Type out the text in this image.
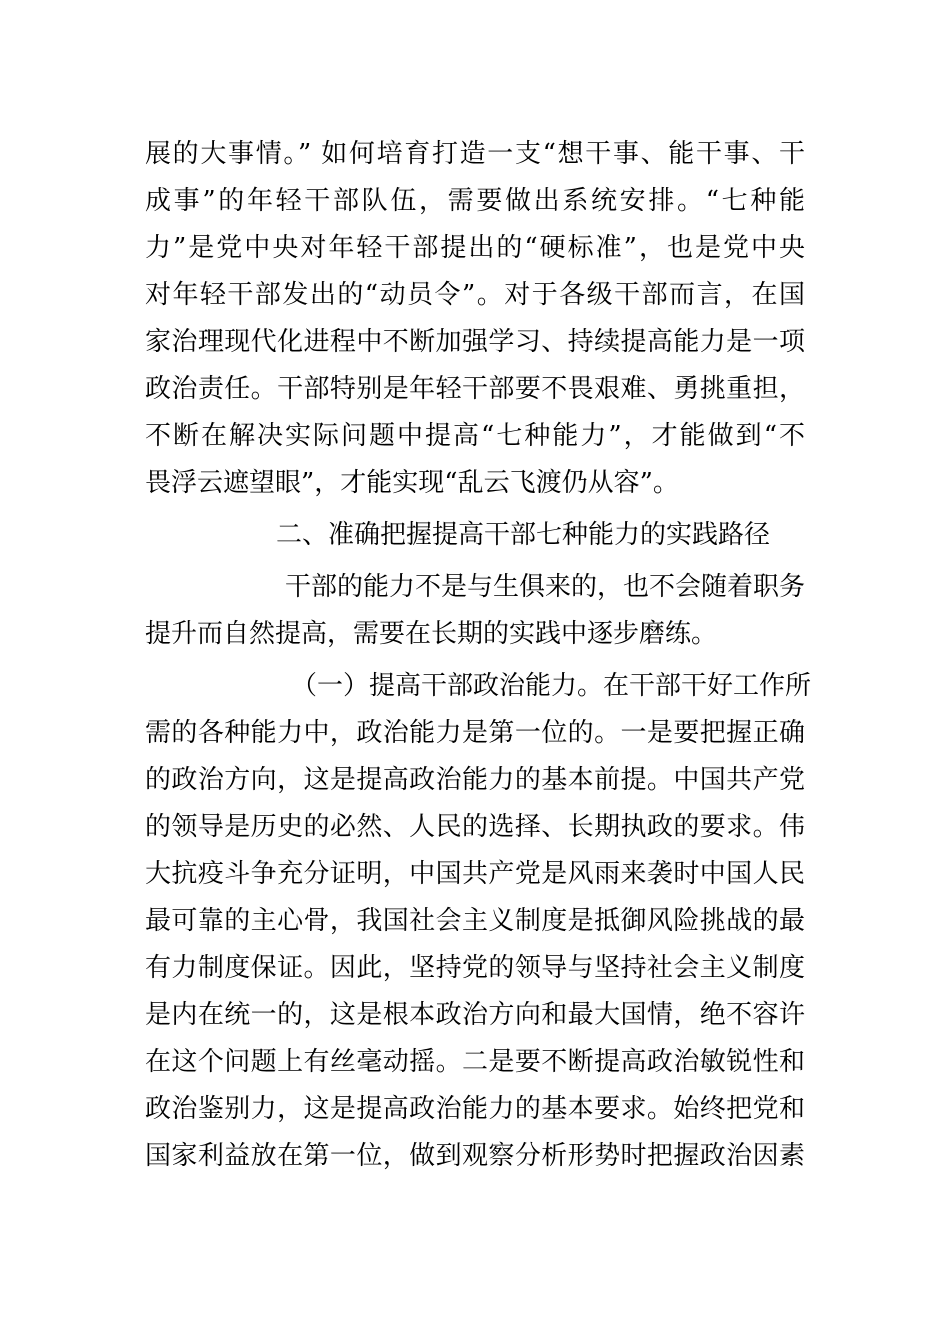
展的大事情。” 如何培育打造一支“想干事、能干事、干
成事”的年轻干部队伍，需要做出系统安排。“七种能
力”是党中央对年轻干部提出的“硬标准”，也是党中央
对年轻干部发出的“动员令”。对于各级干部而言，在国
家治理现代化进程中不断加强学习、持续提高能力是一项
政治责任。干部特别是年轻干部要不畏艰难、勇挑重担，
不断在解决实际问题中提高“七种能力”，才能做到“不
畏浮云遮望眼”，才能实现“乱云飞渡仍从容”。
二、准确把握提高干部七种能力的实践路径
干部的能力不是与生俱来的，也不会随着职务
提升而自然提高，需要在长期的实践中逐步磨练。
（一）提高干部政治能力。在干部干好工作所
需的各种能力中，政治能力是第一位的。一是要把握正确
的政治方向，这是提高政治能力的基本前提。中国共产党
的领导是历史的必然、人民的选择、长期执政的要求。伟
大抗疫斗争充分证明，中国共产党是风雨来袭时中国人民
最可靠的主心骨，我国社会主义制度是抵御风险挑战的最
有力制度保证。因此，坚持党的领导与坚持社会主义制度
是内在统一的，这是根本政治方向和最大国情，绝不容许
在这个问题上有丝毫动摇。二是要不断提高政治敏锐性和
政治鉴别力，这是提高政治能力的基本要求。始终把党和
国家利益放在第一位，做到观察分析形势时把握政治因素
